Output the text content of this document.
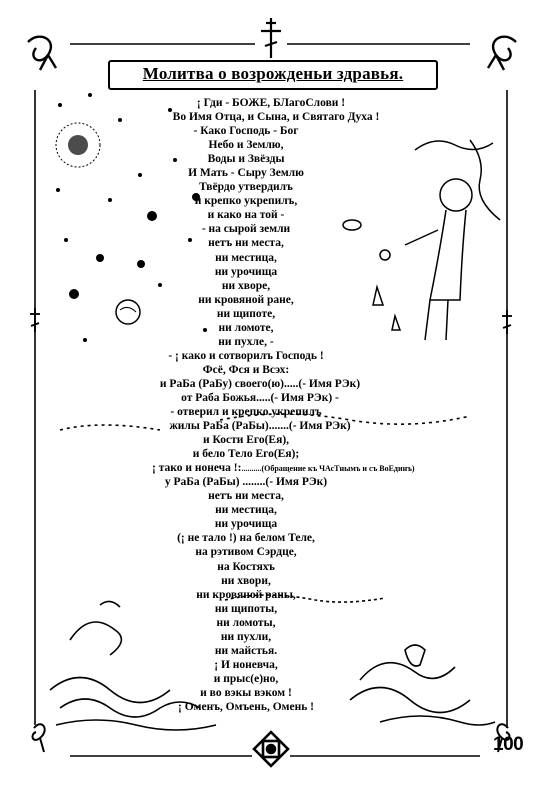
Молитва о возрожденьи здравья.
¡ Гди - БОЖЕ, БЛагоСлови !
Во Имя Отца, и Сына, и Святаго Духа !
- Како Господь - Бог
Небо и Землю,
Воды и Звёзды
И Мать - Сыру Землю
Твёрдо утвердилъ
и крепко укрепилъ,
и како на той -
- на сырой земли
нетъ ни места,
ни местица,
ни урочища
ни хворе,
ни кровяной ране,
ни щипоте,
ни ломоте,
ни пухле, -
- ¡ како и сотворилъ Господь !
Фсё, Фся и Всэх:
и РаБа (РаБу) своего(ю).....(- Имя РЭк)
от Раба Божья.....(- Имя РЭк) -
- отверил и крепко укрепилъ
жилы РаБа (РаБы).......(- Имя РЭк)
и Кости Его(Ея),
и бело Тело Его(Ея);
¡ тако и нонеча !:..........(Обращение къ ЧАсТнымъ и съ ВоЕдинъ)
у РаБа (РаБы) ........(- Имя РЭк)
нетъ ни места,
ни местица,
ни урочища
(¡ не тало !) на белом Теле,
на рэтивом Сэрдце,
на Костяхъ
ни хвори,
ни кровяной раны,
ни щипоты,
ни ломоты,
ни пухли,
ни майстья.
¡ И ноневча,
и прыс(е)но,
и во вэкы вэком !
¡ Оменъ, Омъень, Омень !
100
